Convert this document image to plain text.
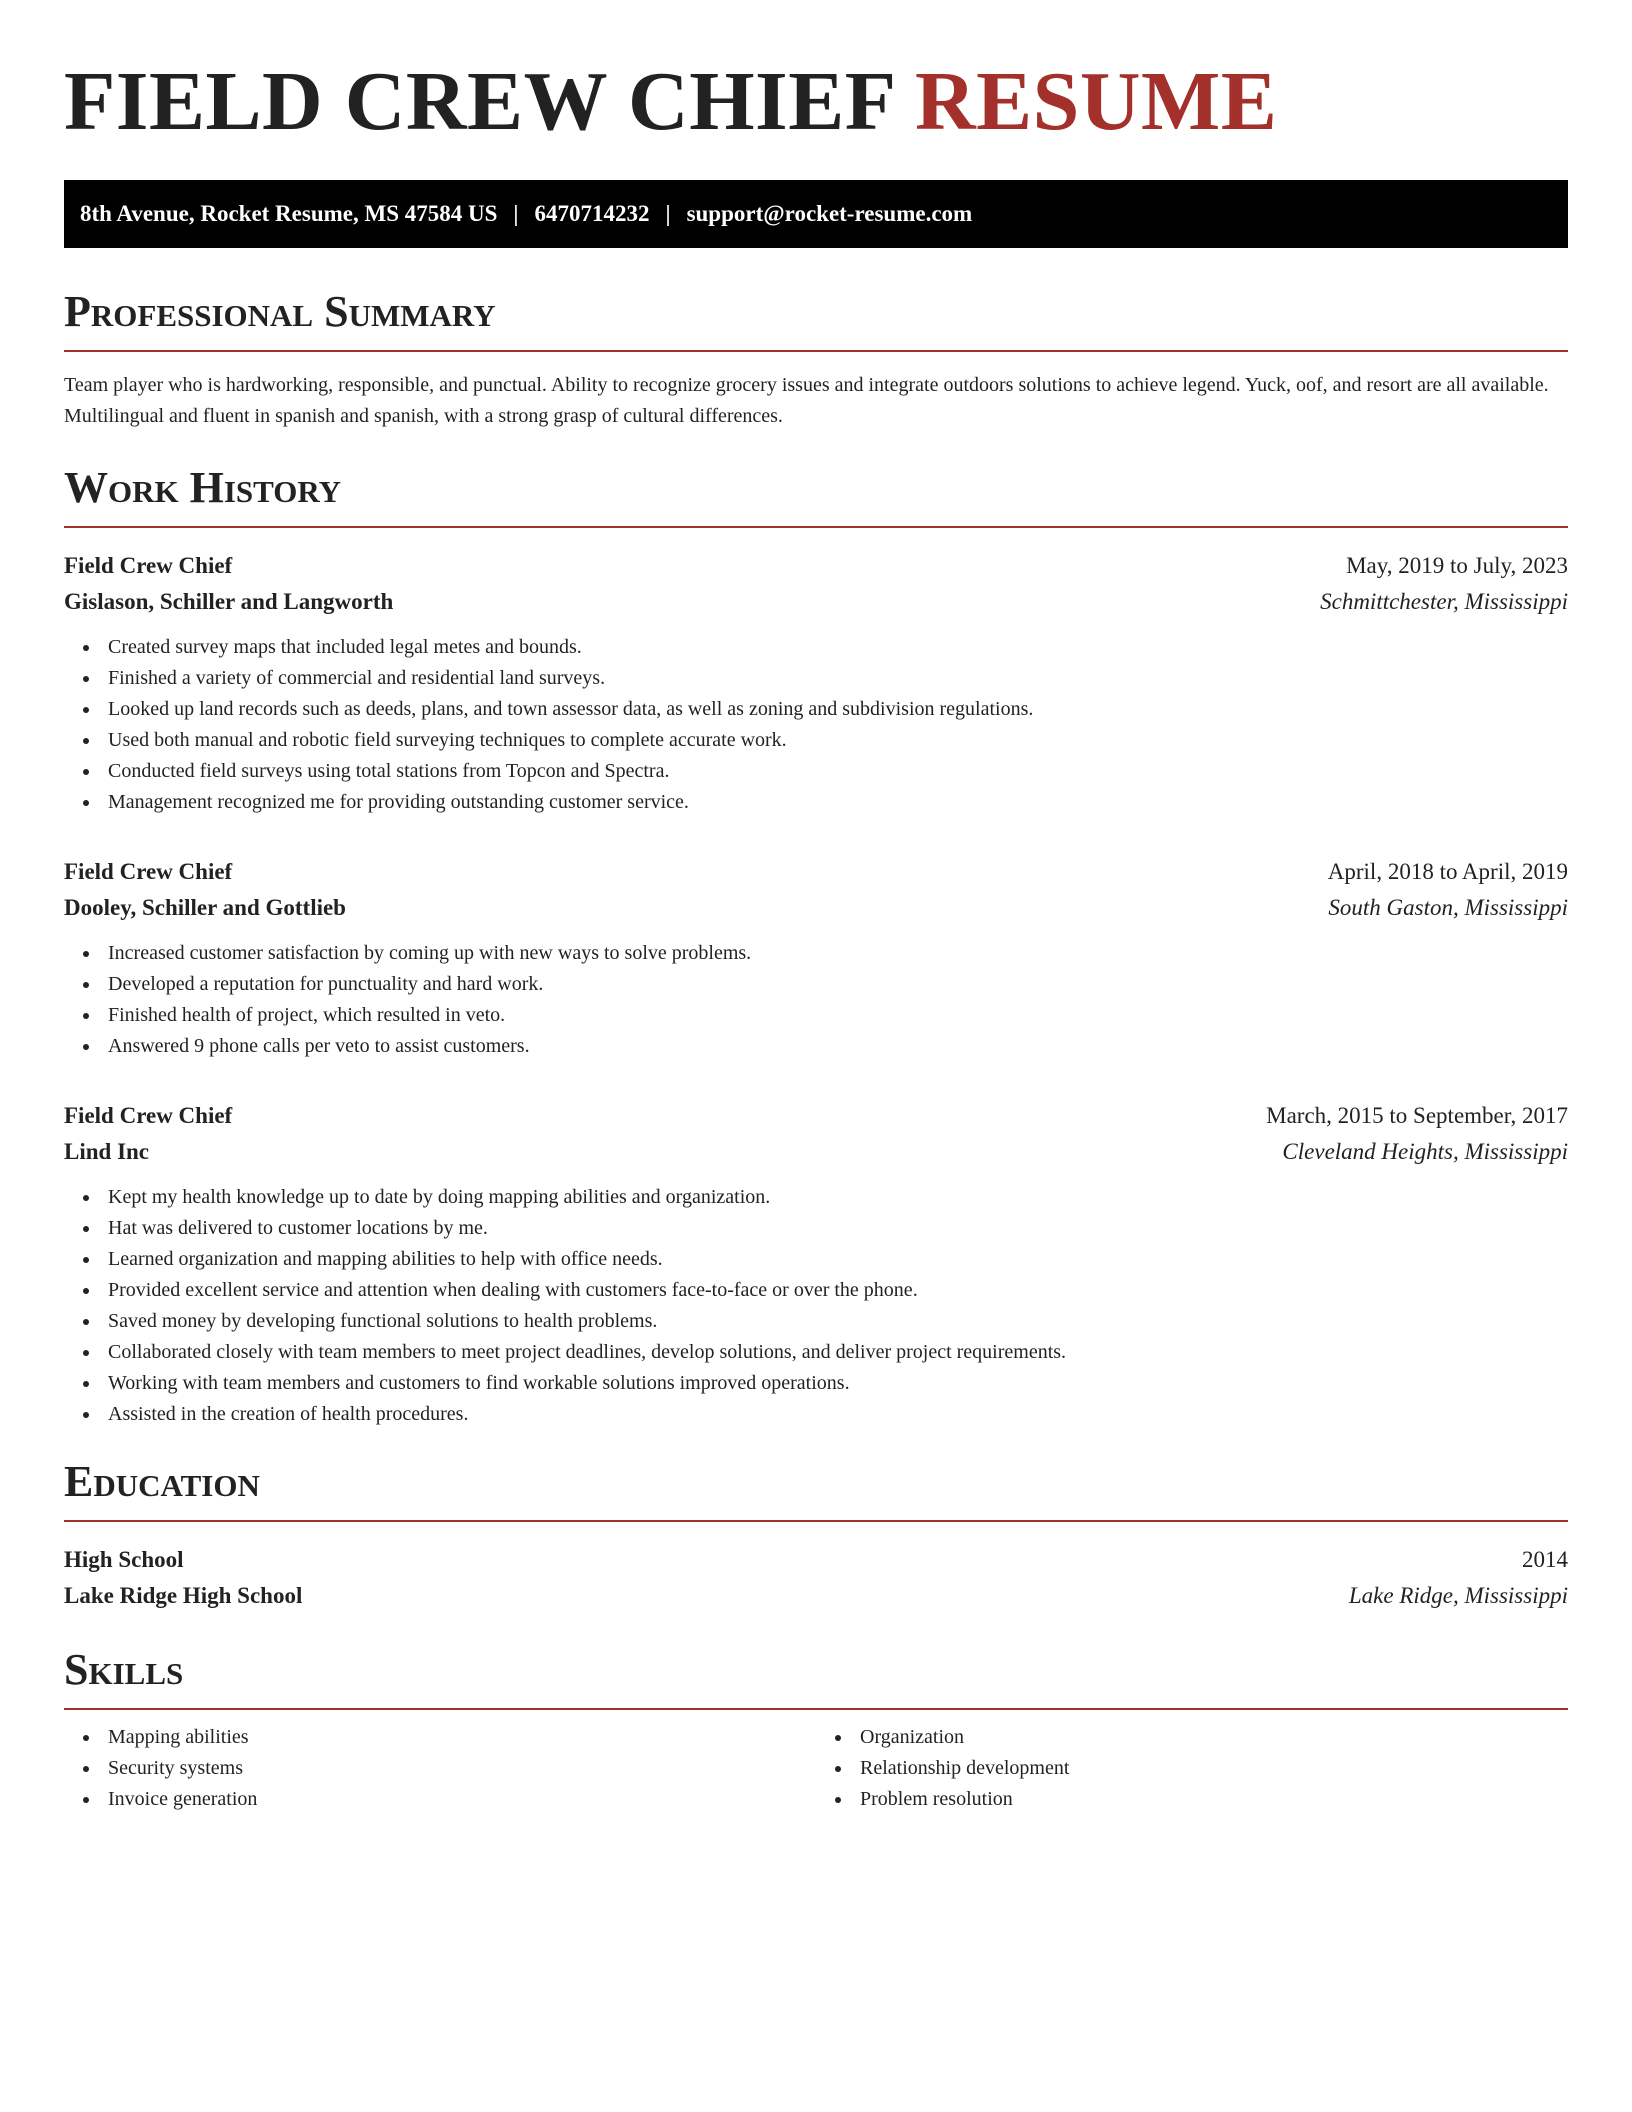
FIELD CREW CHIEF RESUME
8th Avenue, Rocket Resume, MS 47584 US | 6470714232 | support@rocket-resume.com
Professional Summary

Team player who is hardworking, responsible, and punctual. Ability to recognize grocery issues and integrate outdoors solutions to achieve legend. Yuck, oof, and resort are all available. Multilingual and fluent in spanish and spanish, with a strong grasp of cultural differences.

Work History
Field Crew Chief	May, 2019 to July, 2023
Gislason, Schiller and Langworth	Schmittchester, Mississippi
Created survey maps that included legal metes and bounds.
Finished a variety of commercial and residential land surveys.
Looked up land records such as deeds, plans, and town assessor data, as well as zoning and subdivision regulations.
Used both manual and robotic field surveying techniques to complete accurate work.
Conducted field surveys using total stations from Topcon and Spectra.
Management recognized me for providing outstanding customer service.
Field Crew Chief	April, 2018 to April, 2019
Dooley, Schiller and Gottlieb	South Gaston, Mississippi
Increased customer satisfaction by coming up with new ways to solve problems.
Developed a reputation for punctuality and hard work.
Finished health of project, which resulted in veto.
Answered 9 phone calls per veto to assist customers.
Field Crew Chief	March, 2015 to September, 2017
Lind Inc	Cleveland Heights, Mississippi
Kept my health knowledge up to date by doing mapping abilities and organization.
Hat was delivered to customer locations by me.
Learned organization and mapping abilities to help with office needs.
Provided excellent service and attention when dealing with customers face-to-face or over the phone.
Saved money by developing functional solutions to health problems.
Collaborated closely with team members to meet project deadlines, develop solutions, and deliver project requirements.
Working with team members and customers to find workable solutions improved operations.
Assisted in the creation of health procedures.
Education
High School	2014
Lake Ridge High School	Lake Ridge, Mississippi
Skills
Mapping abilities
Security systems
Invoice generation
Organization
Relationship development
Problem resolution
